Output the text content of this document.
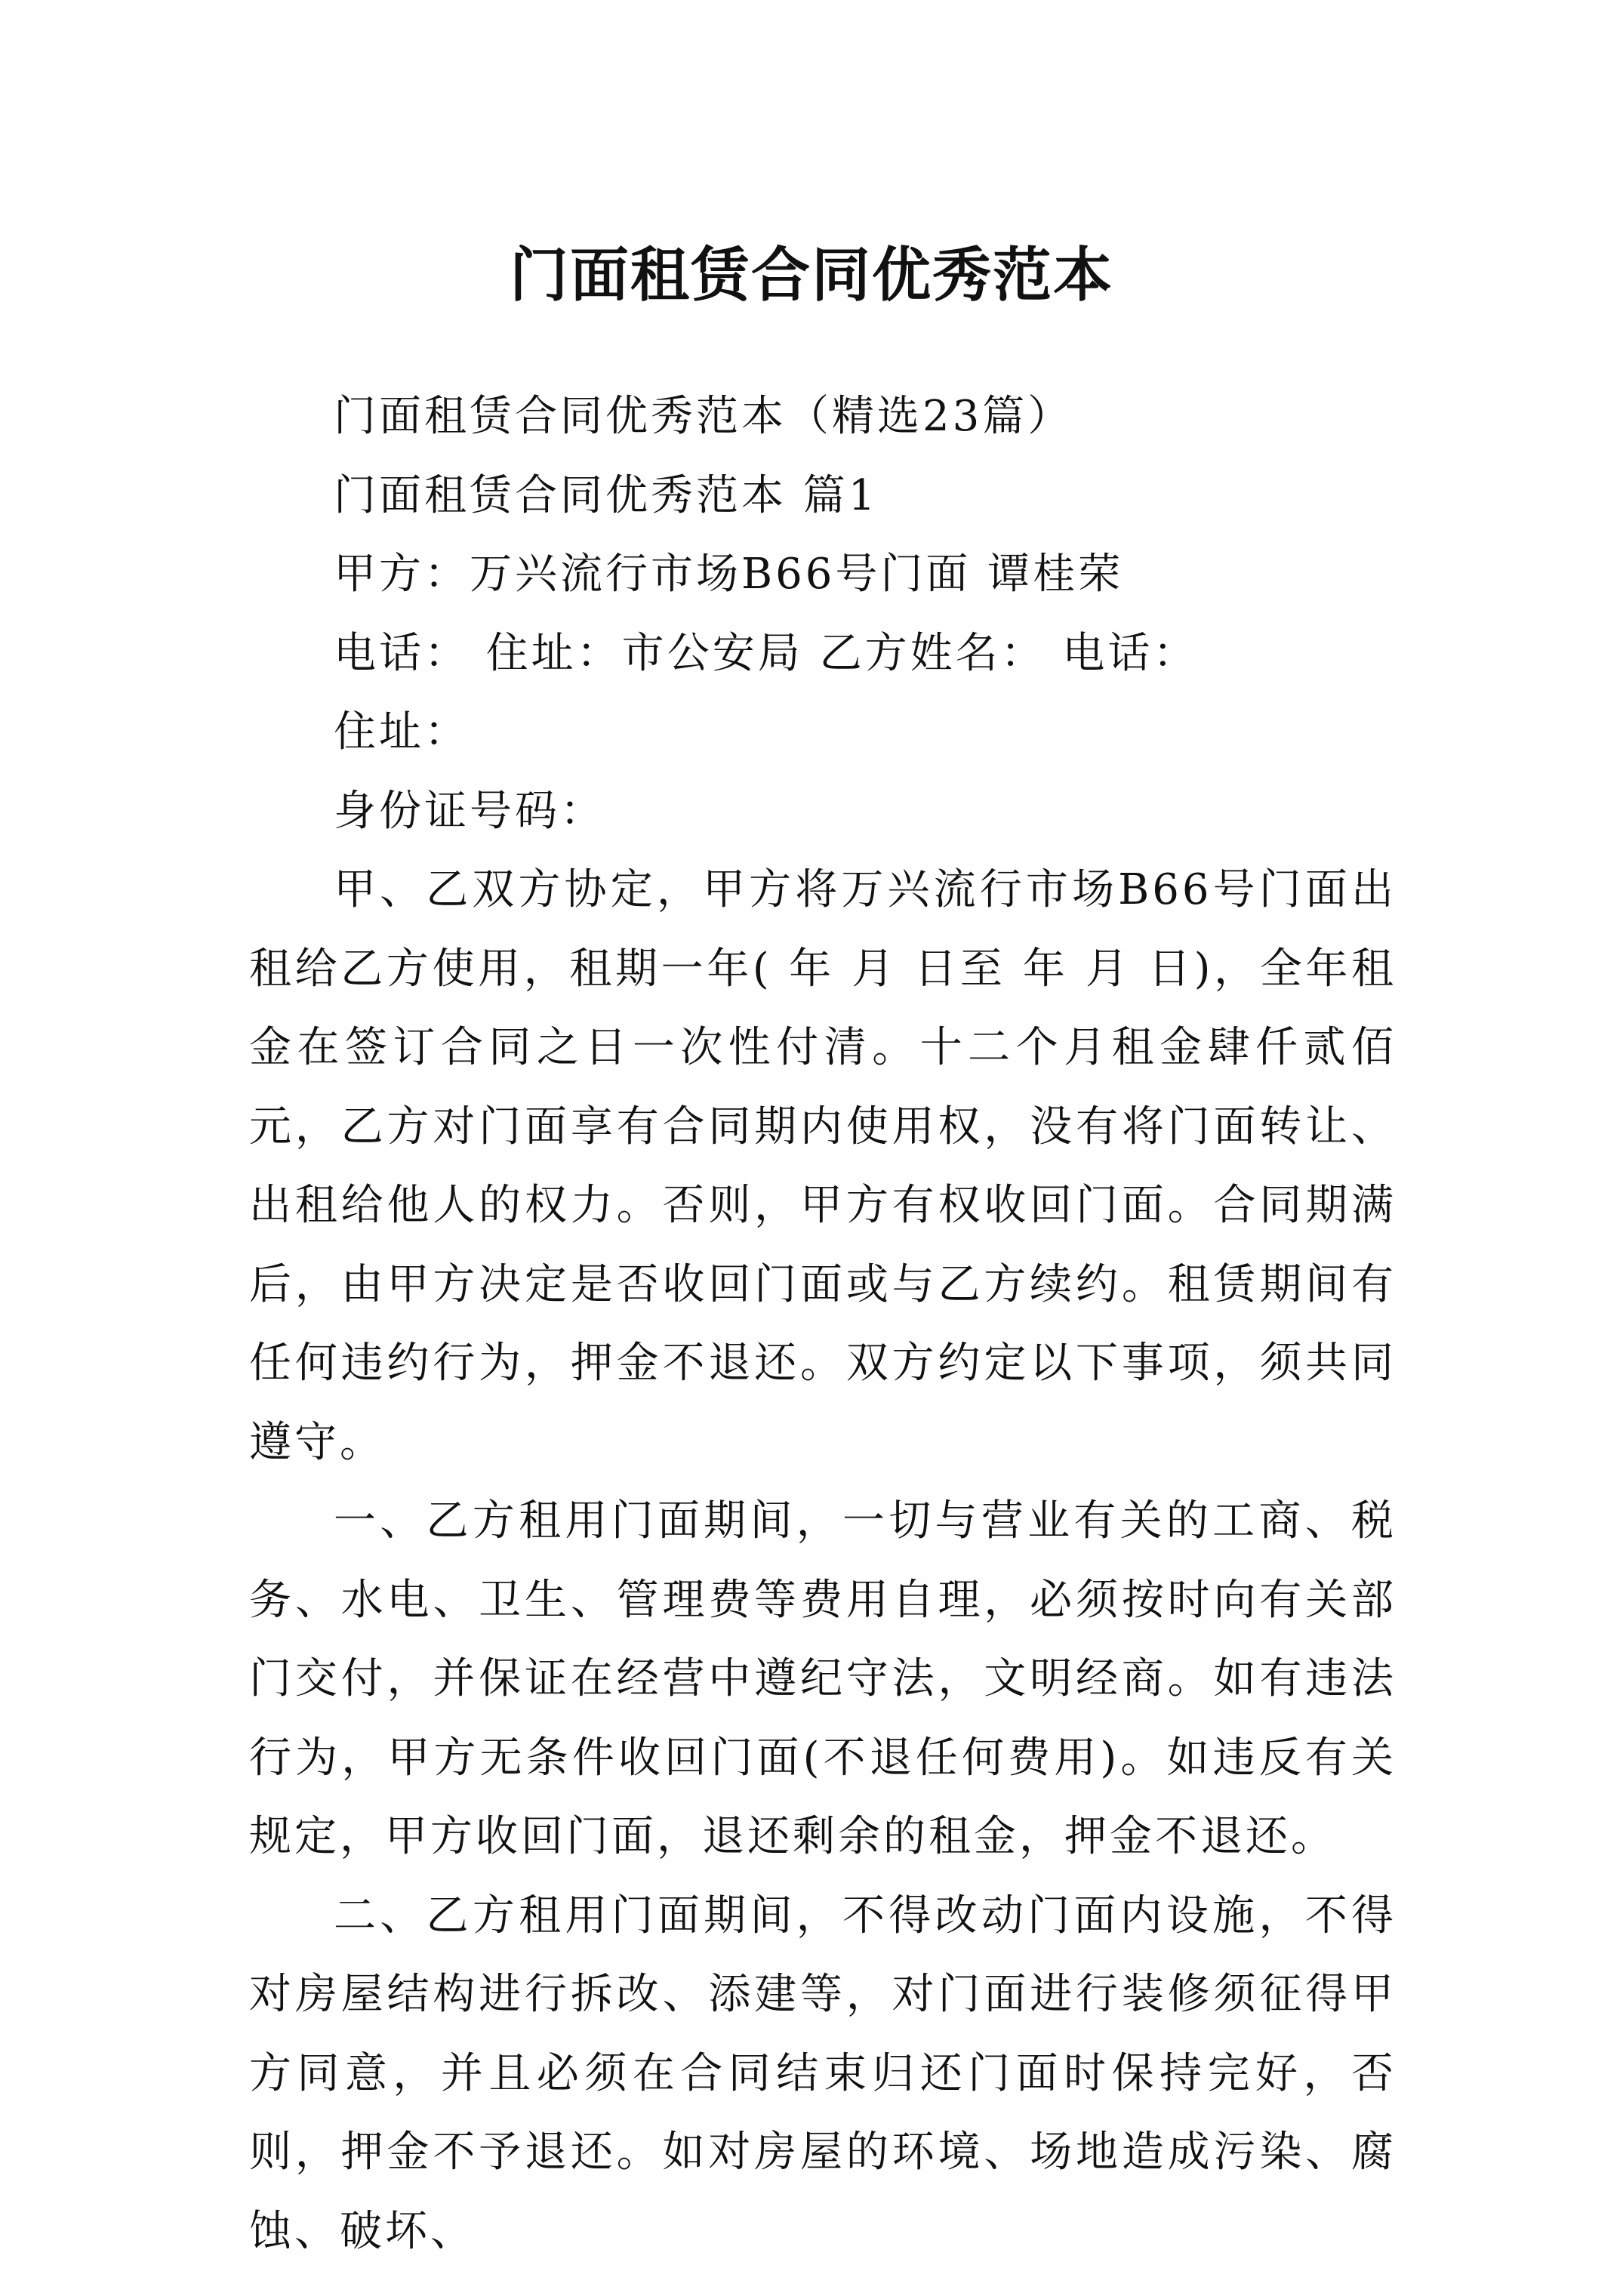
门面租赁合同优秀范本

门面租赁合同优秀范本（精选23篇）

门面租赁合同优秀范本 篇1

甲方：万兴流行市场B66号门面 谭桂荣

电话： 住址：市公安局 乙方姓名： 电话：

住址：

身份证号码：

甲、乙双方协定，甲方将万兴流行市场B66号门面出租给乙方使用，租期一年( 年 月 日至 年 月 日)，全年租金在签订合同之日一次性付清。十二个月租金肆仟贰佰元，乙方对门面享有合同期内使用权，没有将门面转让、出租给他人的权力。否则，甲方有权收回门面。合同期满后，由甲方决定是否收回门面或与乙方续约。租赁期间有任何违约行为，押金不退还。双方约定以下事项，须共同遵守。

一、乙方租用门面期间，一切与营业有关的工商、税务、水电、卫生、管理费等费用自理，必须按时向有关部门交付，并保证在经营中遵纪守法，文明经商。如有违法行为，甲方无条件收回门面(不退任何费用)。如违反有关规定，甲方收回门面，退还剩余的租金，押金不退还。

二、乙方租用门面期间，不得改动门面内设施，不得对房屋结构进行拆改、添建等，对门面进行装修须征得甲方同意，并且必须在合同结束归还门面时保持完好，否则，押金不予退还。如对房屋的环境、场地造成污染、腐蚀、破坏、
